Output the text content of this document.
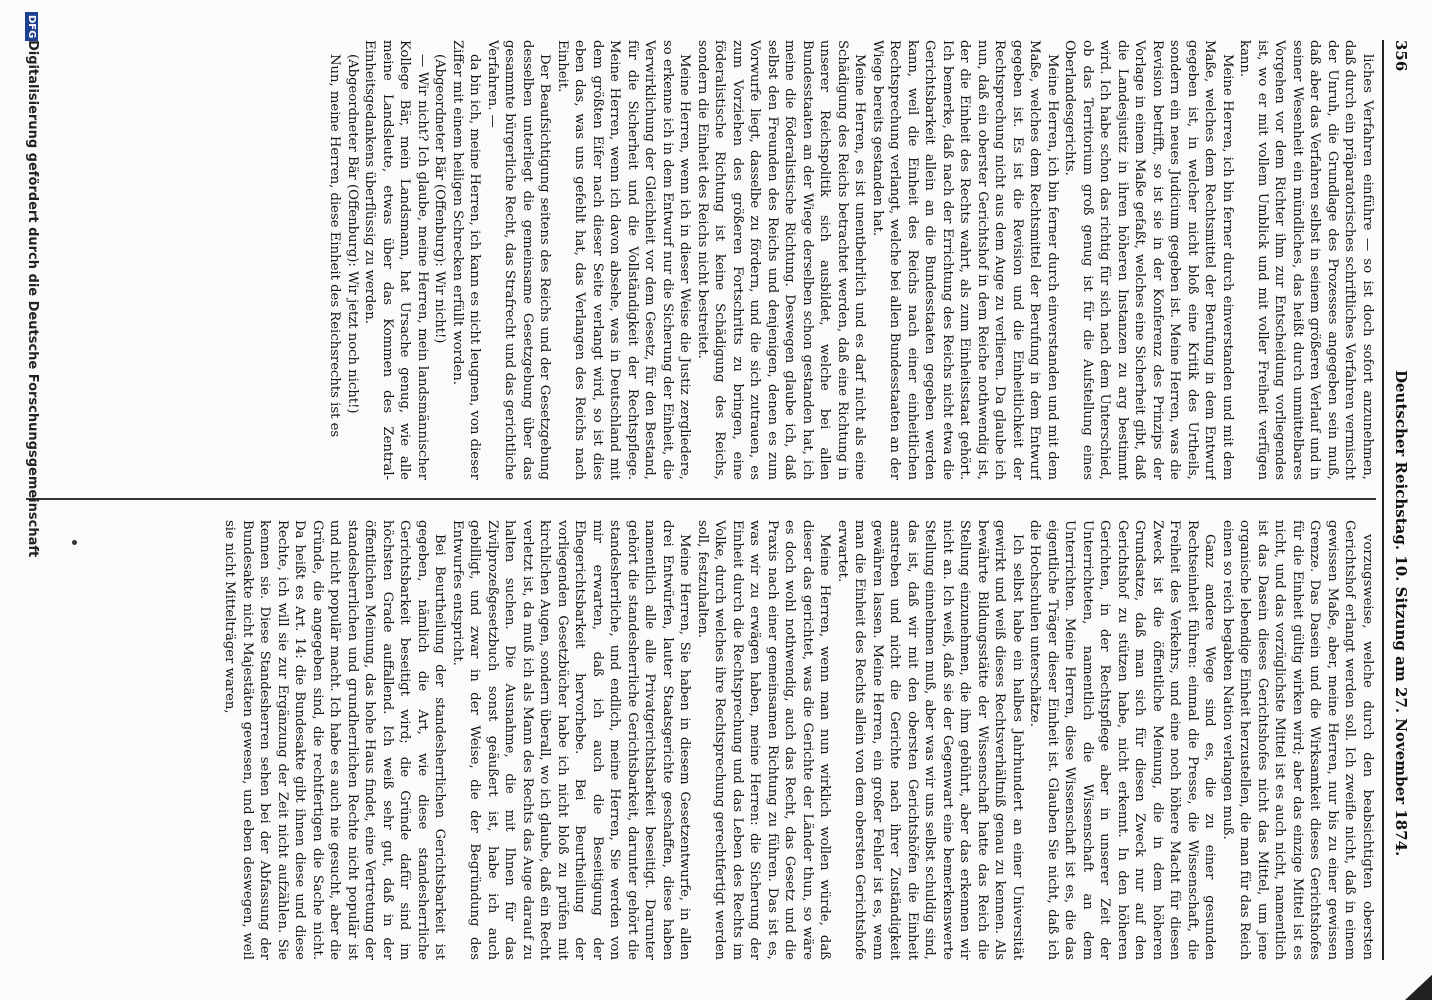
356
Deutscher Reichstag. 10. Sitzung am 27. November 1874.

liches Verfahren einführe — so ist doch sofort anzunehmen, daß durch ein präparatorisches schriftliches Verfahren vermischt der Unruh, die Grundlage des Prozesses angegeben sein muß, daß aber das Verfahren selbst in seinem größeren Verlauf und in seiner Wesenheit ein mündliches, das heißt durch unmittelbares Vorgehen vor dem Richter ihm zur Entscheidung vorliegendes ist, wo er mit vollem Umblick und mit voller Freiheit verfügen kann.

Meine Herren, ich bin ferner durch einverstanden und mit dem Maße, welches dem Rechtsmittel der Berufung in dem Entwurf gegeben ist, in welcher nicht bloß eine Kritik des Urtheils, sondern ein neues Judicium gegeben ist. Meine Herren, was die Revision betrifft, so ist sie in der Konferenz des Prinzips der Vorlage in einem Maße gefaßt, welches eine Sicherheit gibt, daß die Landesjustiz in ihren höheren Instanzen zu arg bestimmt wird. Ich habe schon das richtig für sich nach dem Unterschied, ob das Territorium groß genug ist für die Aufstellung eines Oberlandesgerichts.

Meine Herren, ich bin ferner durch einverstanden und mit dem Maße, welches dem Rechtsmittel der Berufung in dem Entwurf gegeben ist. Es ist die Revision und die Einheitlichkeit der Rechtsprechung nicht aus dem Auge zu verlieren. Da glaube ich nun, daß ein oberster Gerichtshof in dem Reiche nothwendig ist, der die Einheit des Rechts wahrt, als zum Einheitsstaat gehört. Ich bemerke, daß nach der Errichtung des Reichs nicht etwa die Gerichtsbarkeit allein an die Bundesstaaten gegeben werden kann, weil die Einheit des Reichs nach einer einheitlichen Rechtsprechung verlangt, welche bei allen Bundesstaaten an der Wiege bereits gestanden hat.

Meine Herren, es ist unentbehrlich und es darf nicht als eine Schädigung des Reichs betrachtet werden, daß eine Richtung in unserer Reichspolitik sich ausbildet, welche bei allen Bundesstaaten an der Wiege derselben schon gestanden hat, ich meine die föderalistische Richtung. Deswegen glaube ich, daß selbst den Freunden des Reichs und denjenigen, denen es zum Vorwurfe liegt, dasselbe zu fördern, und die sich zutrauen, es zum Vorziehen des größeren Fortschritts zu bringen, eine föderalistische Richtung ist keine Schädigung des Reichs, sondern die Einheit des Reichs nicht bestreitet.

Meine Herren, wenn ich in dieser Weise die Justiz zergliedere, so erkenne ich in dem Entwurf nur die Sicherung der Einheit, die Verwirklichung der Gleichheit vor dem Gesetz, für den Bestand, für die Sicherheit und die Vollständigkeit der Rechtspflege. Meine Herren, wenn ich davon absehe, was in Deutschland mit dem größten Eifer nach dieser Seite verlangt wird, so ist dies eben das, was uns gefehlt hat, das Verlangen des Reichs nach Einheit.

Der Beaufsichtigung seitens des Reichs und der Gesetzgebung desselben unterliegt die gemeinsame Gesetzgebung über das gesammte bürgerliche Recht, das Strafrecht und das gerichtliche Verfahren. —

da bin ich, meine Herren, ich kann es nicht leugnen, von dieser Ziffer mit einem heiligen Schrecken erfüllt worden.

(Abgeordneter Bär (Offenburg): Wir nicht!)

— Wir nicht? Ich glaube, meine Herren, mein landsmännischer Kollege Bär, mein Landsmann, hat Ursache genug, wie alle meine Landsleute, etwas über das Kommen des Zentral-Einheitsgedankens überflüssig zu werden.

(Abgeordneter Bär (Offenburg): Wir jetzt noch nicht!)

Nun, meine Herren, diese Einheit des Reichsrechts ist es

vorzugsweise, welche durch den beabsichtigten obersten Gerichtshof erlangt werden soll. Ich zweifle nicht, daß in einem gewissen Maße, aber, meine Herren, nur bis zu einer gewissen Grenze. Das Dasein und die Wirksamkeit dieses Gerichtshofes für die Einheit gültig wirken wird; aber das einzige Mittel ist es nicht, und das vorzüglichste Mittel ist es auch nicht, namentlich ist das Dasein dieses Gerichtshofes nicht das Mittel, um jene organische lebendige Einheit herzustellen, die man für das Reich einen so reich begabten Nation verlangen muß.

Ganz andere Wege sind es, die zu einer gesunden Rechtseinheit führen: einmal die Presse, die Wissenschaft, die Freiheit des Verkehrs, und eine noch höhere Macht für diesen Zweck ist die öffentliche Meinung, die in dem höheren Grundsatze, daß man sich für diesen Zweck nur auf den Gerichtshof zu stützen habe, nicht erkennt. In den höheren Gerichten, in der Rechtspflege aber in unserer Zeit der Unterrichteten, namentlich die Wissenschaft an dem Unterrichten. Meine Herren, diese Wissenschaft ist es, die das eigentliche Träger dieser Einheit ist. Glauben Sie nicht, daß ich die Hochschulen unterschätze.

Ich selbst habe ein halbes Jahrhundert an einer Universität gewirkt und weiß dieses Rechtsverhältniß genau zu kennen. Als bewährte Bildungsstätte der Wissenschaft hatte das Reich die Stellung einzunehmen, die ihm gebührt, aber das erkennen wir nicht an. Ich weiß, daß sie der Gegenwart eine bemerkenswerte Stellung einnehmen muß, aber was wir uns selbst schuldig sind, das ist, daß wir mit den obersten Gerichtshöfen die Einheit anstreben und nicht die Gerichte nach ihrer Zuständigkeit gewähren lassen. Meine Herren, ein großer Fehler ist es, wenn man die Einheit des Rechts allein von dem obersten Gerichtshofe erwartet.

Meine Herren, wenn man nun wirklich wollen würde, daß dieser das gerichtet, was die Gerichte der Länder thun, so wäre es doch wohl nothwendig, auch das Recht, das Gesetz und die Praxis nach einer gemeinsamen Richtung zu führen. Das ist es, was wir zu erwägen haben, meine Herren: die Sicherung der Einheit durch die Rechtsprechung und das Leben des Rechts im Volke, durch welches ihre Rechtsprechung gerechtfertigt werden soll, festzuhalten.

Meine Herren, Sie haben in diesem Gesetzentwurfe, in allen drei Entwürfen, lauter Staatsgerichte geschaffen, diese haben namentlich alle alle Privatgerichtsbarkeit beseitigt. Darunter gehört die standesherrliche Gerichtsbarkeit, darunter gehört die standesherrliche, und endlich, meine Herren, Sie werden von mir erwarten, daß ich auch die Beseitigung der Ehegerichtsbarkeit hervorhebe. Bei Beurtheilung der vorliegenden Gesetzbücher habe ich nicht bloß zu prüfen mit kirchlichen Augen, sondern überall, wo ich glaube, daß ein Recht verletzt ist, da muß ich als Mann des Rechts das Auge darauf zu halten suchen. Die Ausnahme, die mit Ihnen für das Zivilprozeßgesetzbuch sonst geäußert ist, habe ich auch gebilligt, und zwar in der Weise, die der Begründung des Entwurfes entspricht.

Bei Beurtheilung der standesherrlichen Gerichtsbarkeit ist gegeben, nämlich die Art, wie diese standesherrliche Gerichtsbarkeit beseitigt wird; die Gründe dafür sind im höchsten Grade auffallend. Ich weiß sehr gut, daß in der öffentlichen Meinung, das hohe Haus findet, eine Vertretung der standesherrlichen und grundherrlichen Rechte nicht populär ist und nicht populär macht. Ich habe es auch nie gesucht, aber die Gründe, die angegeben sind, die rechtfertigen die Sache nicht. Da heißt es Art. 14: die Bundesakte gibt ihnen diese und diese Rechte, ich will sie zur Ergänzung der Zeit nicht aufzählen. Sie kennen sie. Diese Standesherren sehen bei der Abfassung der Bundesakte nicht Majestäten gewesen, und eben deswegen, weil sie nicht Mittelträger waren,

DFG
Digitalisierung gefördert durch die Deutsche Forschungsgemeinschaft
